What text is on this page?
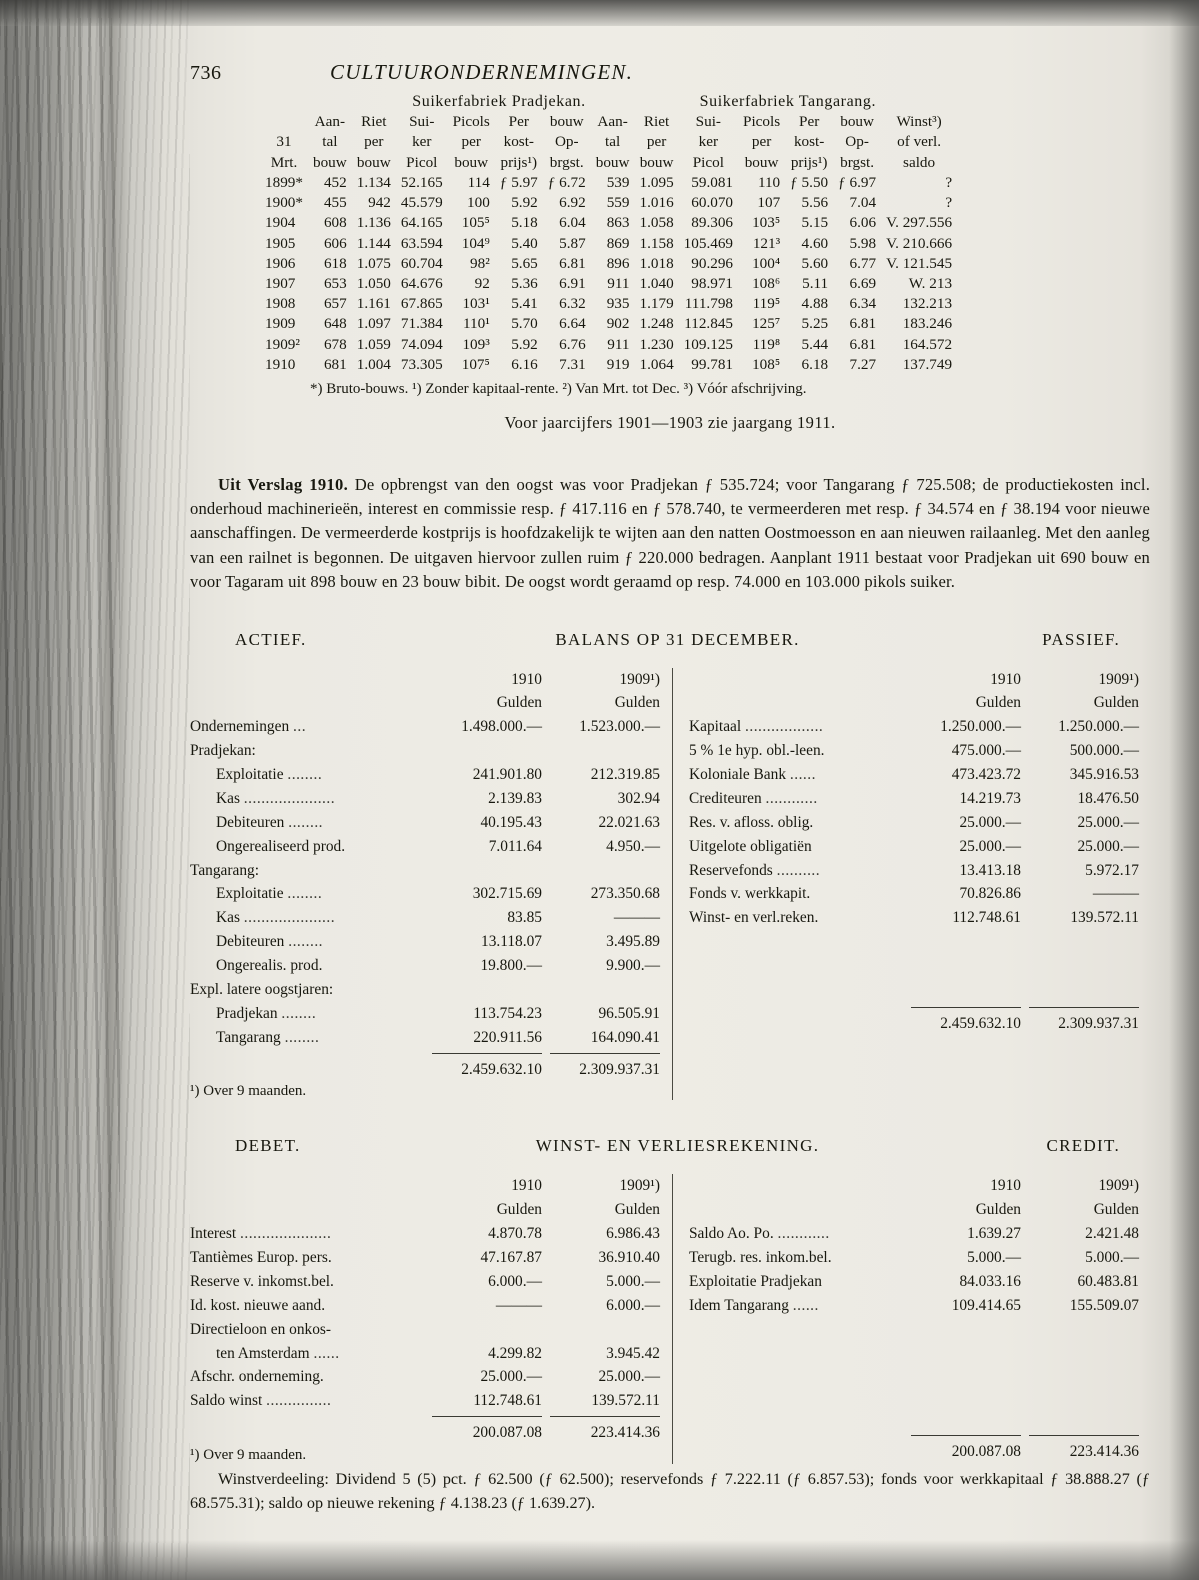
736	CULTUURONDERNEMINGEN.
	Suikerfabriek Pradjekan.						Suikerfabriek Tangarang.						
	Aan-	Riet	Sui-	Picols	Per	bouw	Aan-	Riet	Sui-	Picols	Per	bouw	Winst³)
31	tal	per	ker	per	kost-	Op-	tal	per	ker	per	kost-	Op-	of verl.
Mrt.	bouw	bouw	Picol	bouw	prijs¹)	brgst.	bouw	bouw	Picol	bouw	prijs¹)	brgst.	saldo
1899*	452	1.134	52.165	114	ƒ 5.97	ƒ 6.72	539	1.095	59.081	110	ƒ 5.50	ƒ 6.97	?
1900*	455	942	45.579	100	5.92	6.92	559	1.016	60.070	107	5.56	7.04	?
1904	608	1.136	64.165	105⁵	5.18	6.04	863	1.058	89.306	103⁵	5.15	6.06	V. 297.556
1905	606	1.144	63.594	104⁹	5.40	5.87	869	1.158	105.469	121³	4.60	5.98	V. 210.666
1906	618	1.075	60.704	98²	5.65	6.81	896	1.018	90.296	100⁴	5.60	6.77	V. 121.545
1907	653	1.050	64.676	92	5.36	6.91	911	1.040	98.971	108⁶	5.11	6.69	W. 213
1908	657	1.161	67.865	103¹	5.41	6.32	935	1.179	111.798	119⁵	4.88	6.34	132.213
1909	648	1.097	71.384	110¹	5.70	6.64	902	1.248	112.845	125⁷	5.25	6.81	183.246
1909²	678	1.059	74.094	109³	5.92	6.76	911	1.230	109.125	119⁸	5.44	6.81	164.572
1910	681	1.004	73.305	107⁵	6.16	7.31	919	1.064	99.781	108⁵	6.18	7.27	137.749
*) Bruto-bouws. ¹) Zonder kapitaal-rente. ²) Van Mrt. tot Dec. ³) Vóór afschrijving.
Voor jaarcijfers 1901—1903 zie jaargang 1911.
Uit Verslag 1910. De opbrengst van den oogst was voor Pradjekan ƒ 535.724; voor Tangarang ƒ 725.508; de productiekosten incl. onderhoud machinerieën, interest en commissie resp. ƒ 417.116 en ƒ 578.740, te vermeerderen met resp. ƒ 34.574 en ƒ 38.194 voor nieuwe aanschaffingen. De vermeerderde kostprijs is hoofdzakelijk te wijten aan den natten Oostmoesson en aan nieuwen railaanleg. Met den aanleg van een railnet is begonnen. De uitgaven hiervoor zullen ruim ƒ 220.000 bedragen. Aanplant 1911 bestaat voor Pradjekan uit 690 bouw en voor Tagaram uit 898 bouw en 23 bouw bibit. De oogst wordt geraamd op resp. 74.000 en 103.000 pikols suiker.
ACTIEF.	BALANS OP 31 DECEMBER.	PASSIEF.
	1910	1909¹)
	Gulden	Gulden
Ondernemingen ...	1.498.000.—	1.523.000.—
Pradjekan:		
Exploitatie ........	241.901.80	212.319.85
Kas .....................	2.139.83	302.94
Debiteuren ........	40.195.43	22.021.63
Ongerealiseerd prod.	7.011.64	4.950.—
Tangarang:		
Exploitatie ........	302.715.69	273.350.68
Kas .....................	83.85	———
Debiteuren ........	13.118.07	3.495.89
Ongerealis. prod.	19.800.—	9.900.—
Expl. latere oogstjaren:		
Pradjekan ........	113.754.23	96.505.91
Tangarang ........	220.911.56	164.090.41

	2.459.632.10	2.309.937.31
¹) Over 9 maanden.
	1910	1909¹)
	Gulden	Gulden
Kapitaal ..................	1.250.000.—	1.250.000.—
5 % 1e hyp. obl.-leen.	475.000.—	500.000.—
Koloniale Bank ......	473.423.72	345.916.53
Crediteuren ............	14.219.73	18.476.50
Res. v. afloss. oblig.	25.000.—	25.000.—
Uitgelote obligatiën	25.000.—	25.000.—
Reservefonds ..........	13.413.18	5.972.17
Fonds v. werkkapit.	70.826.86	———
Winst- en verl.reken.	112.748.61	139.572.11

	2.459.632.10	2.309.937.31
DEBET.	WINST- EN VERLIESREKENING.	CREDIT.
	1910	1909¹)
	Gulden	Gulden
Interest .....................	4.870.78	6.986.43
Tantièmes Europ. pers.	47.167.87	36.910.40
Reserve v. inkomst.bel.	6.000.—	5.000.—
Id. kost. nieuwe aand.	———	6.000.—
Directieloon en onkos-		
ten Amsterdam ......	4.299.82	3.945.42
Afschr. onderneming.	25.000.—	25.000.—
Saldo winst ...............	112.748.61	139.572.11

	200.087.08	223.414.36
¹) Over 9 maanden.
	1910	1909¹)
	Gulden	Gulden
Saldo Ao. Po. ............	1.639.27	2.421.48
Terugb. res. inkom.bel.	5.000.—	5.000.—
Exploitatie Pradjekan	84.033.16	60.483.81
Idem Tangarang ......	109.414.65	155.509.07

	200.087.08	223.414.36
Winstverdeeling: Dividend 5 (5) pct. ƒ 62.500 (ƒ 62.500); reservefonds ƒ 7.222.11 (ƒ 6.857.53); fonds voor werkkapitaal ƒ 38.888.27 (ƒ 68.575.31); saldo op nieuwe rekening ƒ 4.138.23 (ƒ 1.639.27).
